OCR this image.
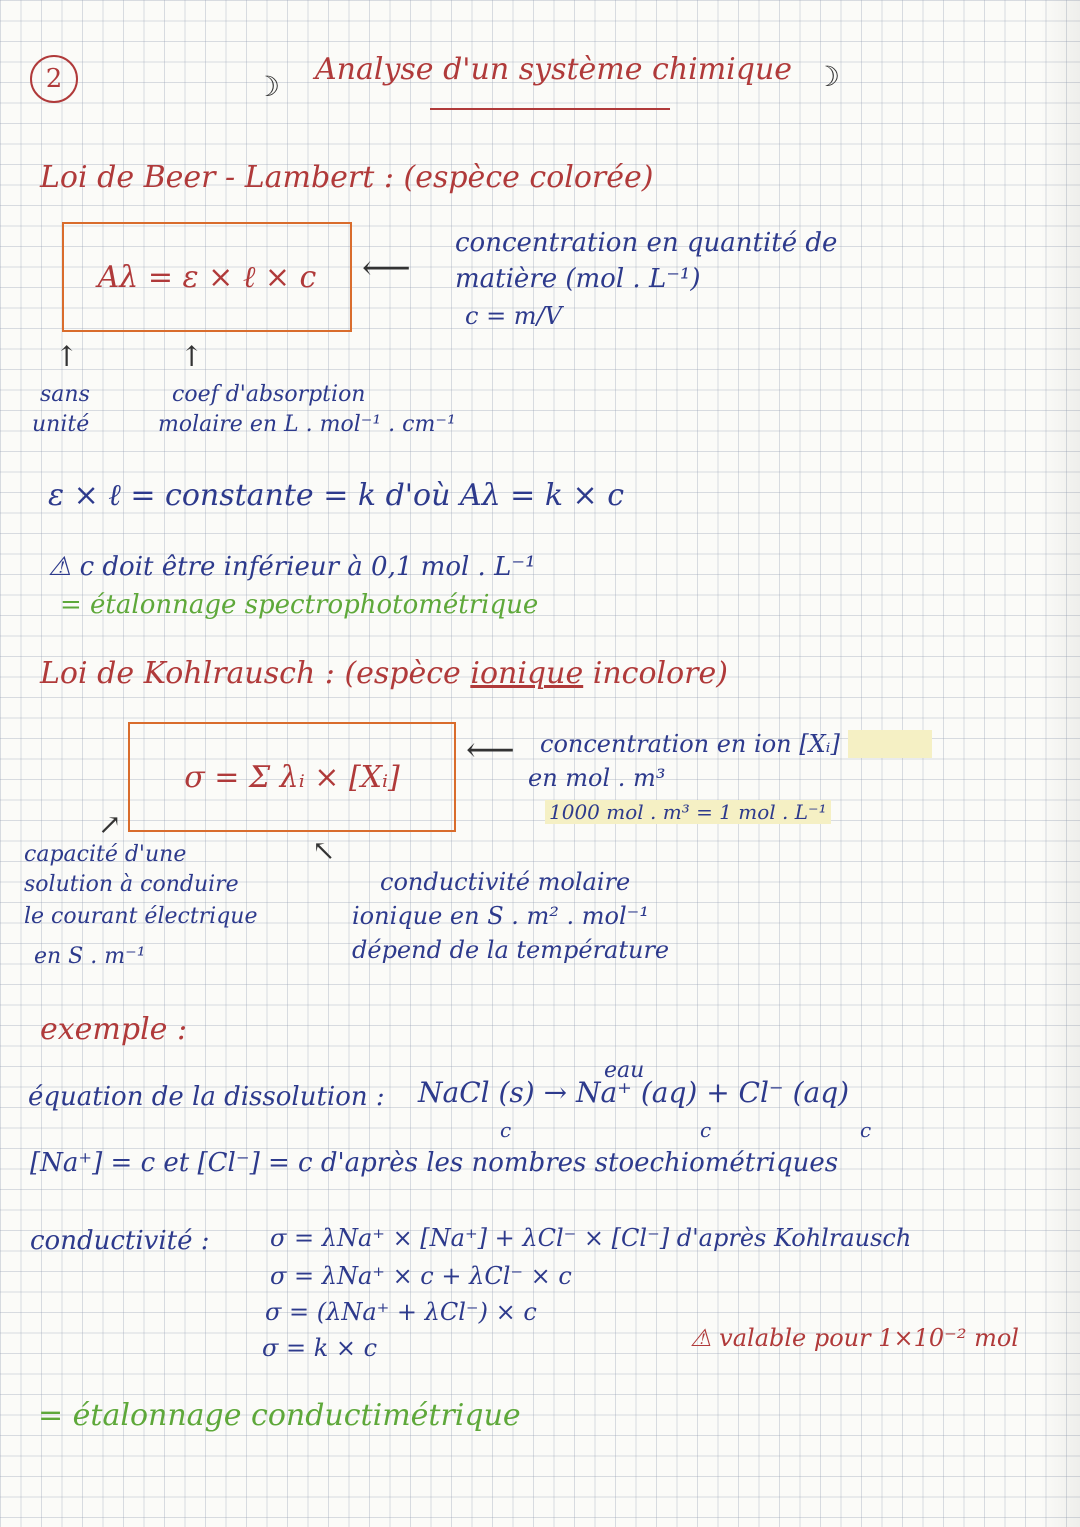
2	☽ Analyse d'un système chimique ☽
Loi de Beer - Lambert : (espèce colorée)
Aλ = ε × ℓ × c ⟵
concentration en quantité de
matière (mol . L⁻¹)
c = m/V
↑	↑
sans
unité
coef d'absorption
molaire en L . mol⁻¹ . cm⁻¹
ε × ℓ = constante = k d'où Aλ = k × c
⚠ c doit être inférieur à 0,1 mol . L⁻¹
= étalonnage spectrophotométrique
Loi de Kohlrausch : (espèce ionique incolore)
σ = Σ λᵢ × [Xᵢ]
⟵ concentration en ion [Xᵢ]
en mol . m³
1000 mol . m³ = 1 mol . L⁻¹
↗
↖
capacité d'une
solution à conduire
le courant électrique
en S . m⁻¹
conductivité molaire
ionique en S . m² . mol⁻¹
dépend de la température
exemple :
eau
équation de la dissolution : NaCl (s) → Na⁺ (aq) + Cl⁻ (aq)
c	c	c
[Na⁺] = c et [Cl⁻] = c d'après les nombres stoechiométriques
conductivité :	σ = λNa⁺ × [Na⁺] + λCl⁻ × [Cl⁻] d'après Kohlrausch
σ = λNa⁺ × c + λCl⁻ × c
σ = (λNa⁺ + λCl⁻) × c
σ = k × c	⚠ valable pour 1×10⁻² mol
= étalonnage conductimétrique
